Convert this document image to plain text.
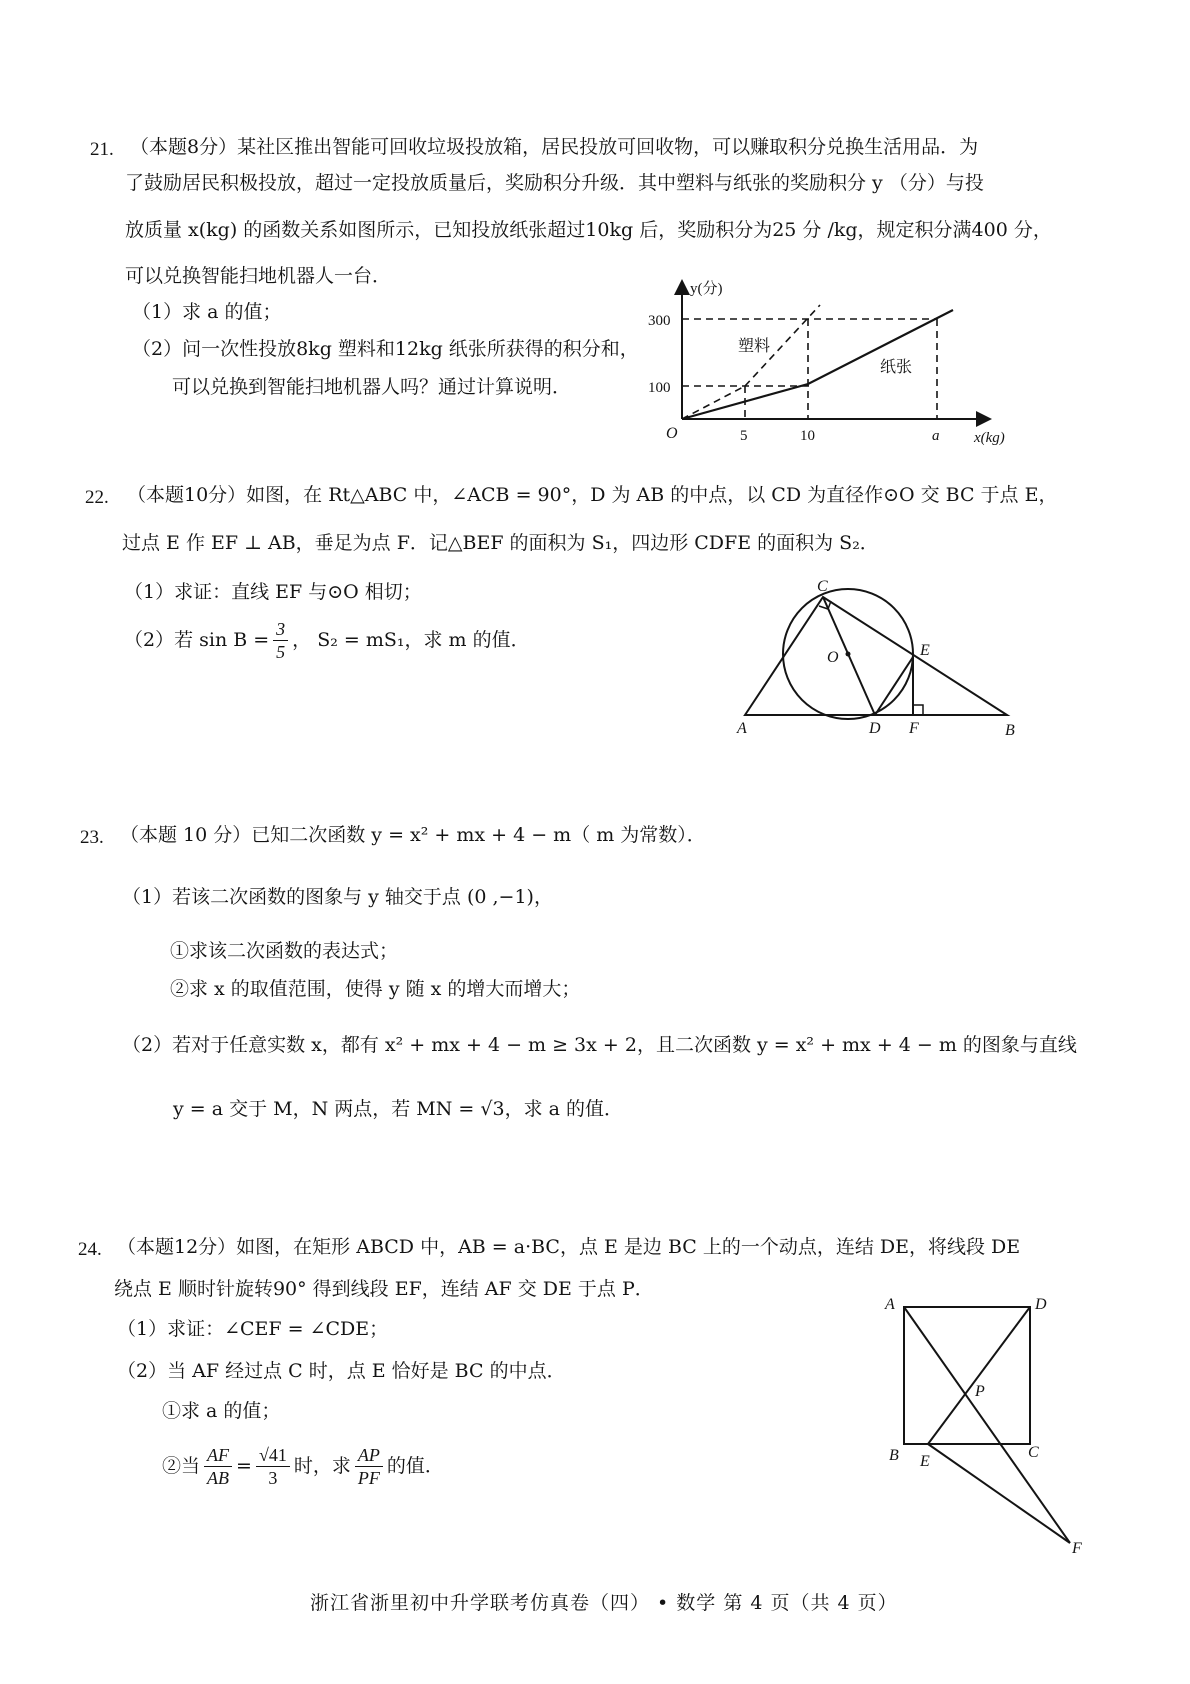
21. （本题8分）某社区推出智能可回收垃圾投放箱，居民投放可回收物，可以赚取积分兑换生活用品．为
了鼓励居民积极投放，超过一定投放质量后，奖励积分升级．其中塑料与纸张的奖励积分 y （分）与投
放质量 x(kg) 的函数关系如图所示，已知投放纸张超过10kg 后，奖励积分为25 分 /kg，规定积分满400 分，
可以兑换智能扫地机器人一台．
（1）求 a 的值；
（2）问一次性投放8kg 塑料和12kg 纸张所获得的积分和，
可以兑换到智能扫地机器人吗？通过计算说明．
y(分)
x(kg)
O	5	10	a
300
100
塑料
纸张
22. （本题10分）如图，在 Rt△ABC 中，∠ACB = 90°，D 为 AB 的中点，以 CD 为直径作⊙O 交 BC 于点 E，
过点 E 作 EF ⊥ AB，垂足为点 F．记△BEF 的面积为 S₁，四边形 CDFE 的面积为 S₂．
（1）求证：直线 EF 与⊙O 相切；
（2）若 $\sin B = \frac{3}{5}$ ， S₂ = mS₁，求 m 的值．
C
O	E
A	D F	B
23. （本题 10 分）已知二次函数 y = x² + mx + 4 − m（ m 为常数）．
（1）若该二次函数的图象与 y 轴交于点 (0 ,−1)，
①求该二次函数的表达式；
②求 x 的取值范围，使得 y 随 x 的增大而增大；
（2）若对于任意实数 x，都有 x² + mx + 4 − m ≥ 3x + 2，且二次函数 y = x² + mx + 4 − m 的图象与直线
y = a 交于 M，N 两点，若 MN = √3，求 a 的值．
24. （本题12分）如图，在矩形 ABCD 中，AB = a·BC，点 E 是边 BC 上的一个动点，连结 DE，将线段 DE
绕点 E 顺时针旋转90° 得到线段 EF，连结 AF 交 DE 于点 P．
（1）求证：∠CEF = ∠CDE；
（2）当 AF 经过点 C 时，点 E 恰好是 BC 的中点．
①求 a 的值；
②当 $\frac{AF}{AB} = \frac{√41}{3}$ 时，求 $\frac{AP}{PF}$ 的值．
A	D
P
B E
C
F
浙江省浙里初中升学联考仿真卷（四） • 数学 第 4 页（共 4 页）
